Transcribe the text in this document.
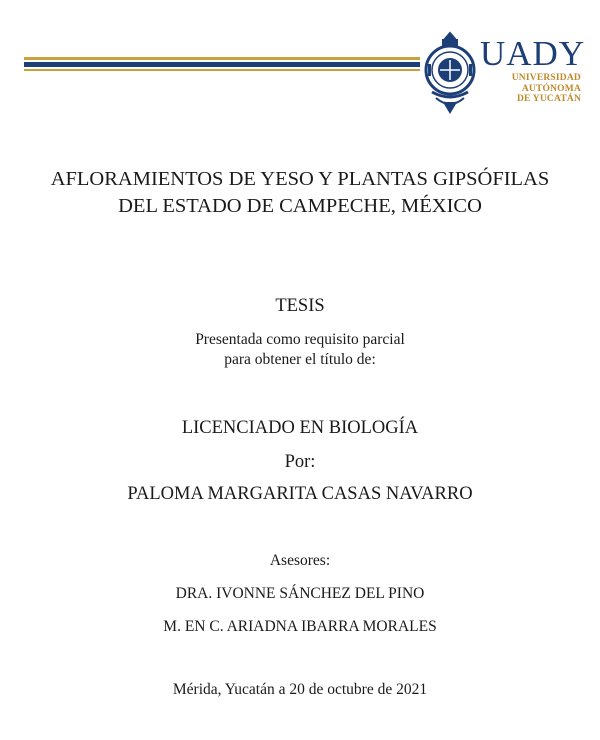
UADY
UNIVERSIDAD
AUTÓNOMA
DE YUCATÁN
AFLORAMIENTOS DE YESO Y PLANTAS GIPSÓFILAS
DEL ESTADO DE CAMPECHE, MÉXICO
TESIS
Presentada como requisito parcial
para obtener el título de:
LICENCIADO EN BIOLOGÍA
Por:
PALOMA MARGARITA CASAS NAVARRO
Asesores:
DRA. IVONNE SÁNCHEZ DEL PINO
M. EN C. ARIADNA IBARRA MORALES
Mérida, Yucatán a 20 de octubre de 2021
